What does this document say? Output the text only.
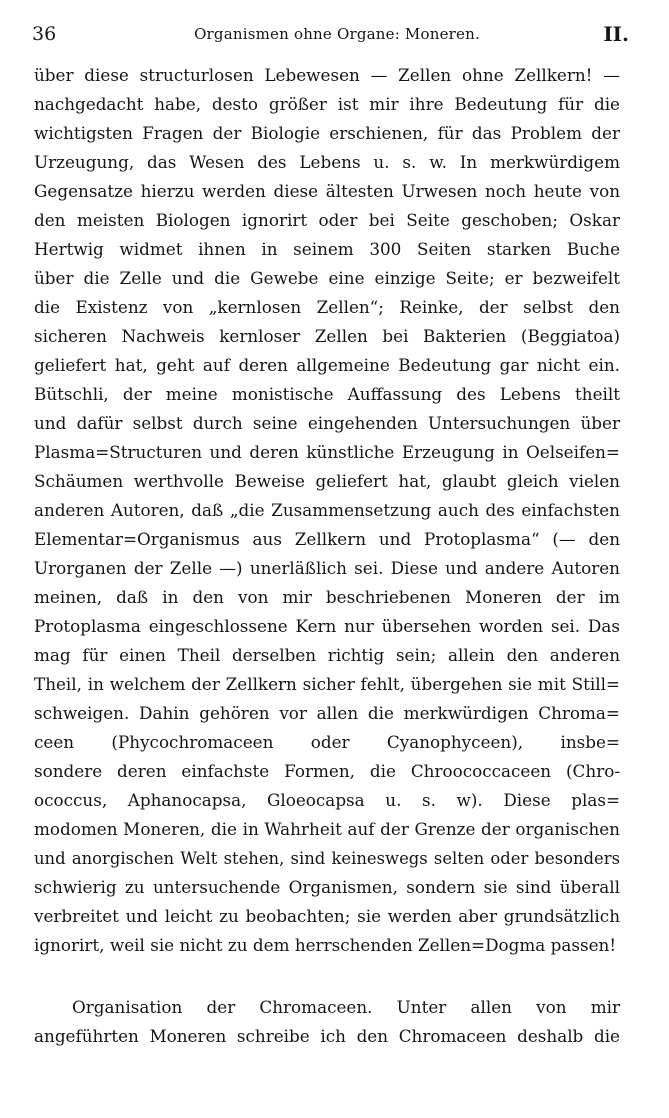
36	Organismen ohne Organe: Moneren.	II.
über diese structurlosen Lebewesen — Zellen ohne Zellkern! —
nachgedacht habe, desto größer ist mir ihre Bedeutung für die
wichtigsten Fragen der Biologie erschienen, für das Problem der
Urzeugung, das Wesen des Lebens u. s. w. In merkwürdigem
Gegensatze hierzu werden diese ältesten Urwesen noch heute von
den meisten Biologen ignorirt oder bei Seite geschoben; Oskar
Hertwig widmet ihnen in seinem 300 Seiten starken Buche
über die Zelle und die Gewebe eine einzige Seite; er bezweifelt
die Existenz von „kernlosen Zellen“; Reinke, der selbst den
sicheren Nachweis kernloser Zellen bei Bakterien (Beggiatoa)
geliefert hat, geht auf deren allgemeine Bedeutung gar nicht ein.
Bütschli, der meine monistische Auffassung des Lebens theilt
und dafür selbst durch seine eingehenden Untersuchungen über
Plasma=Structuren und deren künstliche Erzeugung in Oelseifen=
Schäumen werthvolle Beweise geliefert hat, glaubt gleich vielen
anderen Autoren, daß „die Zusammensetzung auch des einfachsten
Elementar=Organismus aus Zellkern und Protoplasma“ (— den
Urorganen der Zelle —) unerläßlich sei. Diese und andere Autoren
meinen, daß in den von mir beschriebenen Moneren der im
Protoplasma eingeschlossene Kern nur übersehen worden sei. Das
mag für einen Theil derselben richtig sein; allein den anderen
Theil, in welchem der Zellkern sicher fehlt, übergehen sie mit Still=
schweigen. Dahin gehören vor allen die merkwürdigen Chroma=
ceen (Phycochromaceen oder Cyanophyceen), insbe=
sondere deren einfachste Formen, die Chroococcaceen (Chro-
ococcus, Aphanocapsa, Gloeocapsa u. s. w). Diese plas=
modomen Moneren, die in Wahrheit auf der Grenze der organischen
und anorgischen Welt stehen, sind keineswegs selten oder besonders
schwierig zu untersuchende Organismen, sondern sie sind überall
verbreitet und leicht zu beobachten; sie werden aber grundsätzlich
ignorirt, weil sie nicht zu dem herrschenden Zellen=Dogma passen!
Organisation der Chromaceen. Unter allen von mir
angeführten Moneren schreibe ich den Chromaceen deshalb die
